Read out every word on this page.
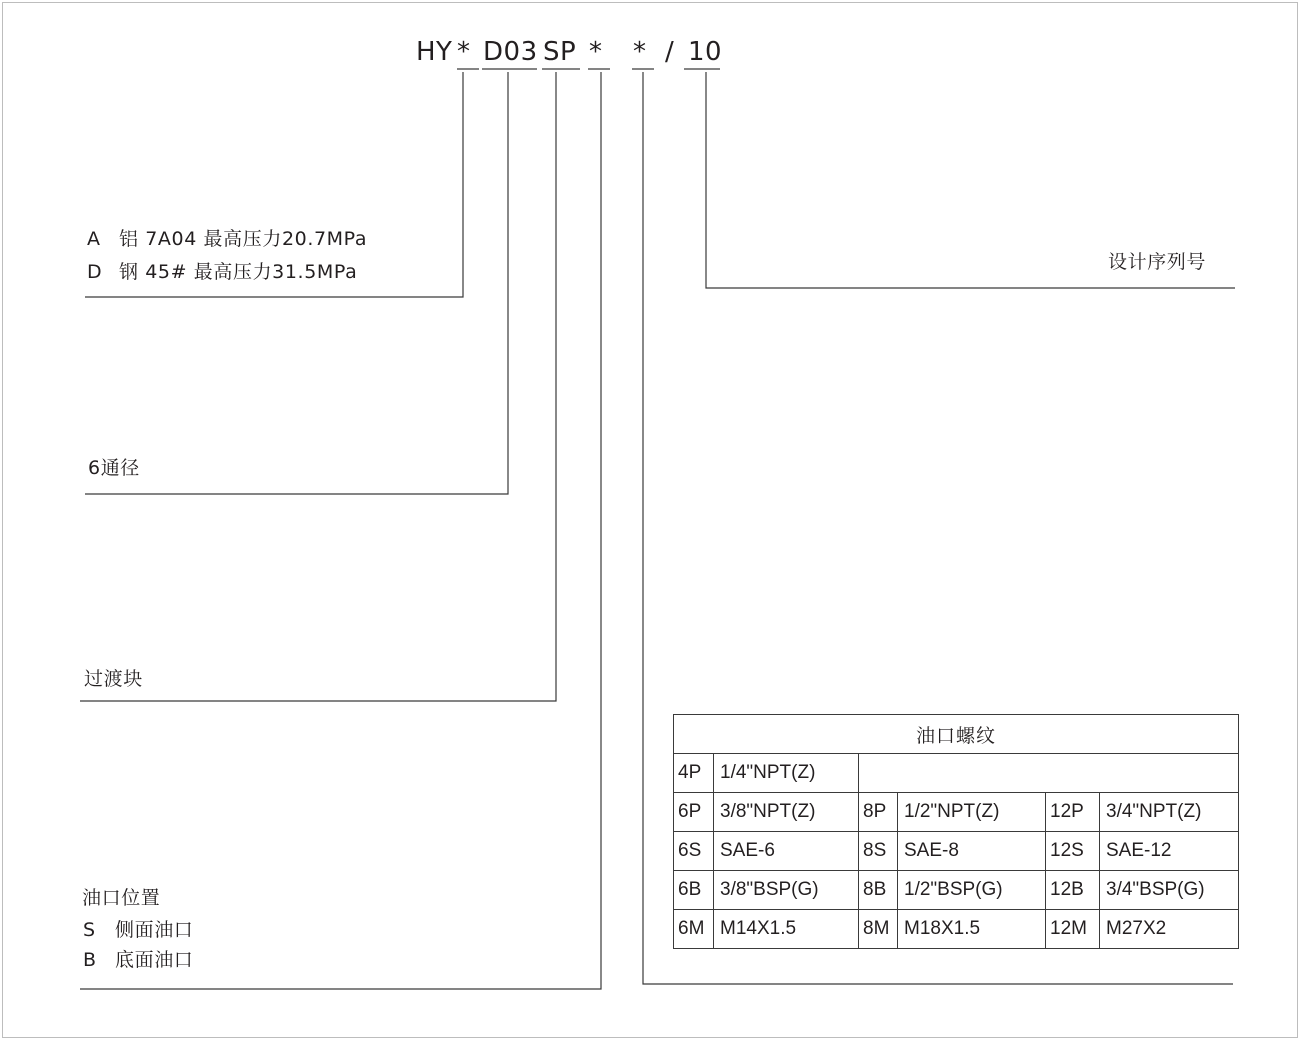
HY * D03 SP * * / 10
A 铝 7A04 最高压力20.7MPa
D 钢 45# 最高压力31.5MPa
6通径
过渡块
油口位置
S 侧面油口
B 底面油口
设计序列号
油口螺纹					
4P	1/4"NPT(Z)				
6P	3/8"NPT(Z)	8P	1/2"NPT(Z)	12P	3/4"NPT(Z)
6S	SAE-6	8S	SAE-8	12S	SAE-12
6B	3/8"BSP(G)	8B	1/2"BSP(G)	12B	3/4"BSP(G)
6M	M14X1.5	8M	M18X1.5	12M	M27X2
